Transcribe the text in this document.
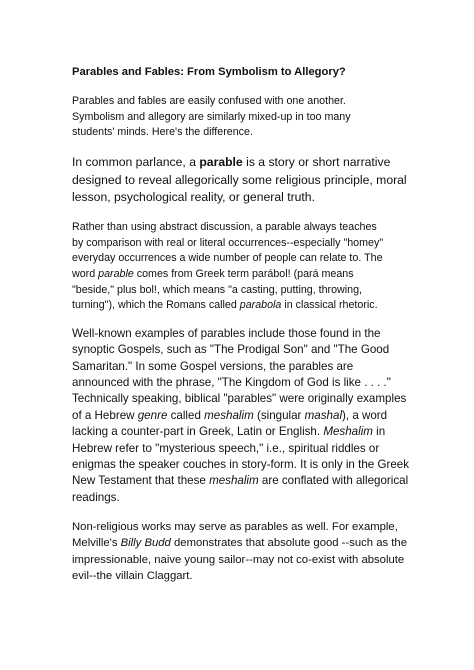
Parables and Fables: From Symbolism to Allegory?
Parables and fables are easily confused with one another.
Symbolism and allegory are similarly mixed-up in too many
students' minds. Here's the difference.
In common parlance, a parable is a story or short narrative
designed to reveal allegorically some religious principle, moral
lesson, psychological reality, or general truth.
Rather than using abstract discussion, a parable always teaches
by comparison with real or literal occurrences--especially "homey"
everyday occurrences a wide number of people can relate to. The
word parable comes from Greek term parábol! (pará means
"beside," plus bol!, which means "a casting, putting, throwing,
turning"), which the Romans called parabola in classical rhetoric.
Well-known examples of parables include those found in the
synoptic Gospels, such as "The Prodigal Son" and "The Good
Samaritan." In some Gospel versions, the parables are
announced with the phrase, "The Kingdom of God is like . . . ."
Technically speaking, biblical "parables" were originally examples
of a Hebrew genre called meshalim (singular mashal), a word
lacking a counter-part in Greek, Latin or English. Meshalim in
Hebrew refer to "mysterious speech," i.e., spiritual riddles or
enigmas the speaker couches in story-form. It is only in the Greek
New Testament that these meshalim are conflated with allegorical
readings.
Non-religious works may serve as parables as well. For example,
Melville's Billy Budd demonstrates that absolute good --such as the
impressionable, naive young sailor--may not co-exist with absolute
evil--the villain Claggart.
